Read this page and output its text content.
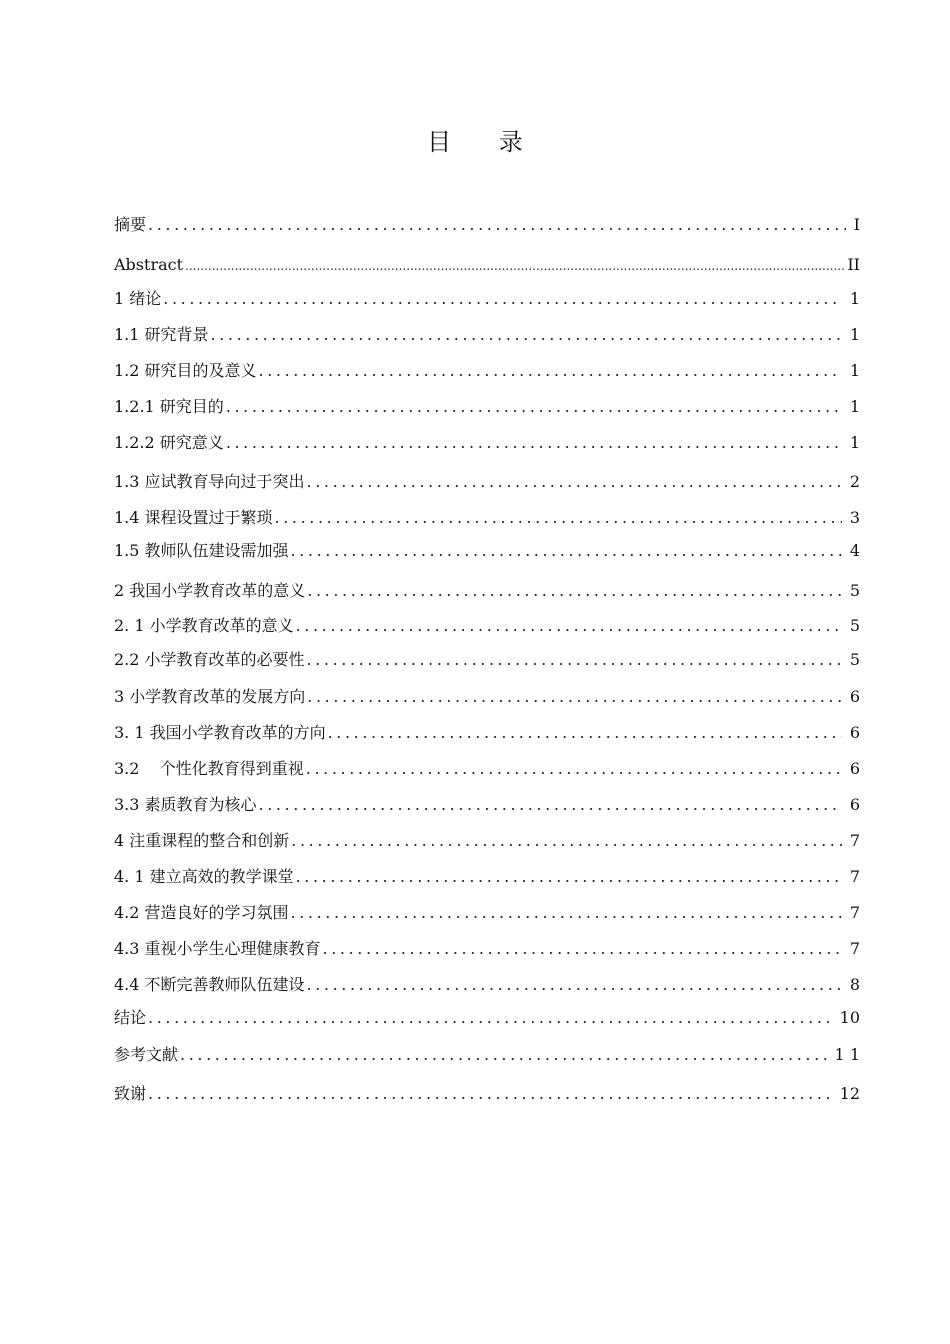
目 录
摘要 .....	I
Abstract .....	II
1 绪论 .....	1
1.1 研究背景 .....	1
1.2 研究目的及意义 .....	1
1.2.1 研究目的 .....	1
1.2.2 研究意义 .....	1
1.3 应试教育导向过于突出 .....	2
1.4 课程设置过于繁琐 .....	3
1.5 教师队伍建设需加强 .....	4
2 我国小学教育改革的意义 .....	5
2. 1 小学教育改革的意义 .....	5
2.2 小学教育改革的必要性 .....	5
3 小学教育改革的发展方向 .....	6
3. 1 我国小学教育改革的方向 .....	6
3.2    个性化教育得到重视 .....	6
3.3 素质教育为核心 .....	6
4 注重课程的整合和创新 .....	7
4. 1 建立高效的教学课堂 .....	7
4.2 营造良好的学习氛围 .....	7
4.3 重视小学生心理健康教育 .....	7
4.4 不断完善教师队伍建设 .....	8
结论 .....	10
参考文献 .....	1 1
致谢 .....	12
